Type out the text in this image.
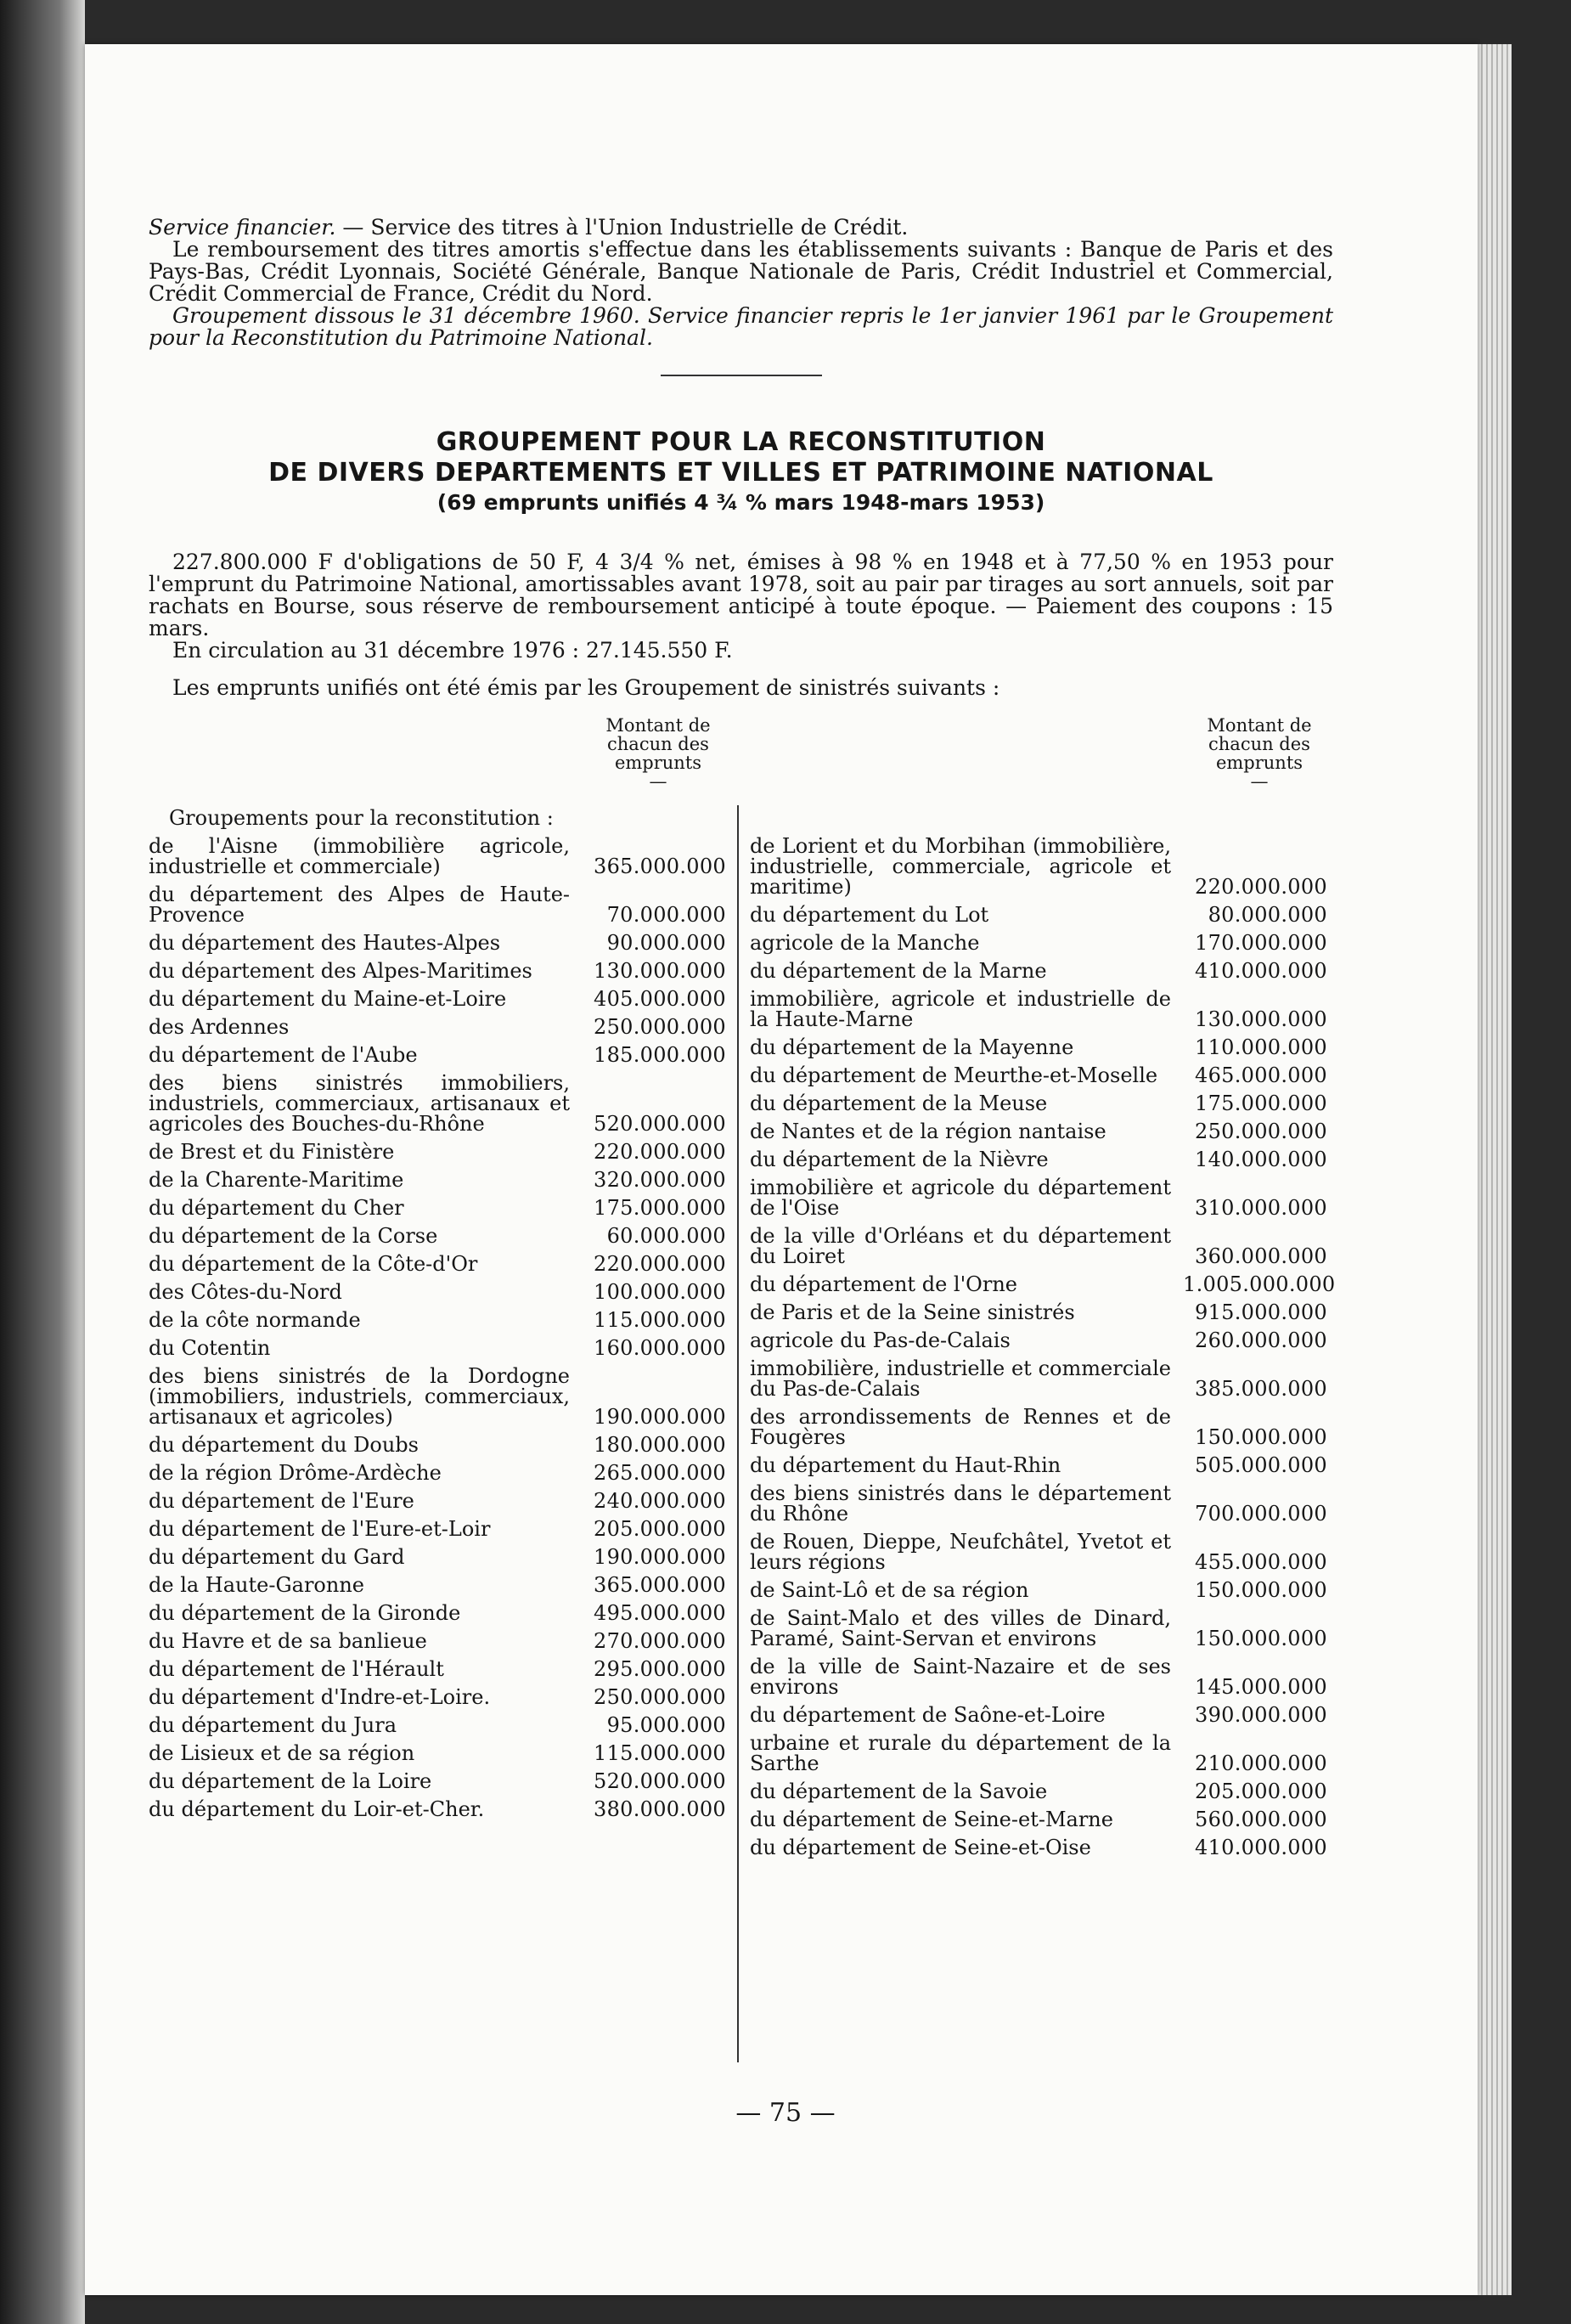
Service financier. — Service des titres à l'Union Industrielle de Crédit.

Le remboursement des titres amortis s'effectue dans les établissements suivants : Banque de Paris et des Pays-Bas, Crédit Lyonnais, Société Générale, Banque Nationale de Paris, Crédit Industriel et Commercial, Crédit Commercial de France, Crédit du Nord.

Groupement dissous le 31 décembre 1960. Service financier repris le 1er janvier 1961 par le Groupement pour la Reconstitution du Patrimoine National.

GROUPEMENT POUR LA RECONSTITUTION

DE DIVERS DEPARTEMENTS ET VILLES ET PATRIMOINE NATIONAL

(69 emprunts unifiés 4 ¾ % mars 1948-mars 1953)

227.800.000 F d'obligations de 50 F, 4 3/4 % net, émises à 98 % en 1948 et à 77,50 % en 1953 pour l'emprunt du Patrimoine National, amortissables avant 1978, soit au pair par tirages au sort annuels, soit par rachats en Bourse, sous réserve de remboursement anticipé à toute époque. — Paiement des coupons : 15 mars.

En circulation au 31 décembre 1976 : 27.145.550 F.

Les emprunts unifiés ont été émis par les Groupement de sinistrés suivants :

Montant de chacun des emprunts
—
Groupements pour la reconstitution :
de l'Aisne (immobilière agricole, industrielle et commerciale)	365.000.000
du département des Alpes de Haute-Provence	70.000.000
du département des Hautes-Alpes	90.000.000
du département des Alpes-Maritimes	130.000.000
du département du Maine-et-Loire	405.000.000
des Ardennes	250.000.000
du département de l'Aube	185.000.000
des biens sinistrés immobiliers, industriels, commerciaux, artisanaux et agricoles des Bouches-du-Rhône	520.000.000
de Brest et du Finistère	220.000.000
de la Charente-Maritime	320.000.000
du département du Cher	175.000.000
du département de la Corse	60.000.000
du département de la Côte-d'Or	220.000.000
des Côtes-du-Nord	100.000.000
de la côte normande	115.000.000
du Cotentin	160.000.000
des biens sinistrés de la Dordogne (immobiliers, industriels, commerciaux, artisanaux et agricoles)	190.000.000
du département du Doubs	180.000.000
de la région Drôme-Ardèche	265.000.000
du département de l'Eure	240.000.000
du département de l'Eure-et-Loir	205.000.000
du département du Gard	190.000.000
de la Haute-Garonne	365.000.000
du département de la Gironde	495.000.000
du Havre et de sa banlieue	270.000.000
du département de l'Hérault	295.000.000
du département d'Indre-et-Loire.	250.000.000
du département du Jura	95.000.000
de Lisieux et de sa région	115.000.000
du département de la Loire	520.000.000
du département du Loir-et-Cher.	380.000.000
Montant de chacun des emprunts
—
de Lorient et du Morbihan (immobilière, industrielle, commerciale, agricole et maritime)	220.000.000
du département du Lot	80.000.000
agricole de la Manche	170.000.000
du département de la Marne	410.000.000
immobilière, agricole et industrielle de la Haute-Marne	130.000.000
du département de la Mayenne	110.000.000
du département de Meurthe-et-Moselle	465.000.000
du département de la Meuse	175.000.000
de Nantes et de la région nantaise	250.000.000
du département de la Nièvre	140.000.000
immobilière et agricole du département de l'Oise	310.000.000
de la ville d'Orléans et du département du Loiret	360.000.000
du département de l'Orne	1.005.000.000
de Paris et de la Seine sinistrés	915.000.000
agricole du Pas-de-Calais	260.000.000
immobilière, industrielle et commerciale du Pas-de-Calais	385.000.000
des arrondissements de Rennes et de Fougères	150.000.000
du département du Haut-Rhin	505.000.000
des biens sinistrés dans le département du Rhône	700.000.000
de Rouen, Dieppe, Neufchâtel, Yvetot et leurs régions	455.000.000
de Saint-Lô et de sa région	150.000.000
de Saint-Malo et des villes de Dinard, Paramé, Saint-Servan et environs	150.000.000
de la ville de Saint-Nazaire et de ses environs	145.000.000
du département de Saône-et-Loire	390.000.000
urbaine et rurale du département de la Sarthe	210.000.000
du département de la Savoie	205.000.000
du département de Seine-et-Marne	560.000.000
du département de Seine-et-Oise	410.000.000
— 75 —
